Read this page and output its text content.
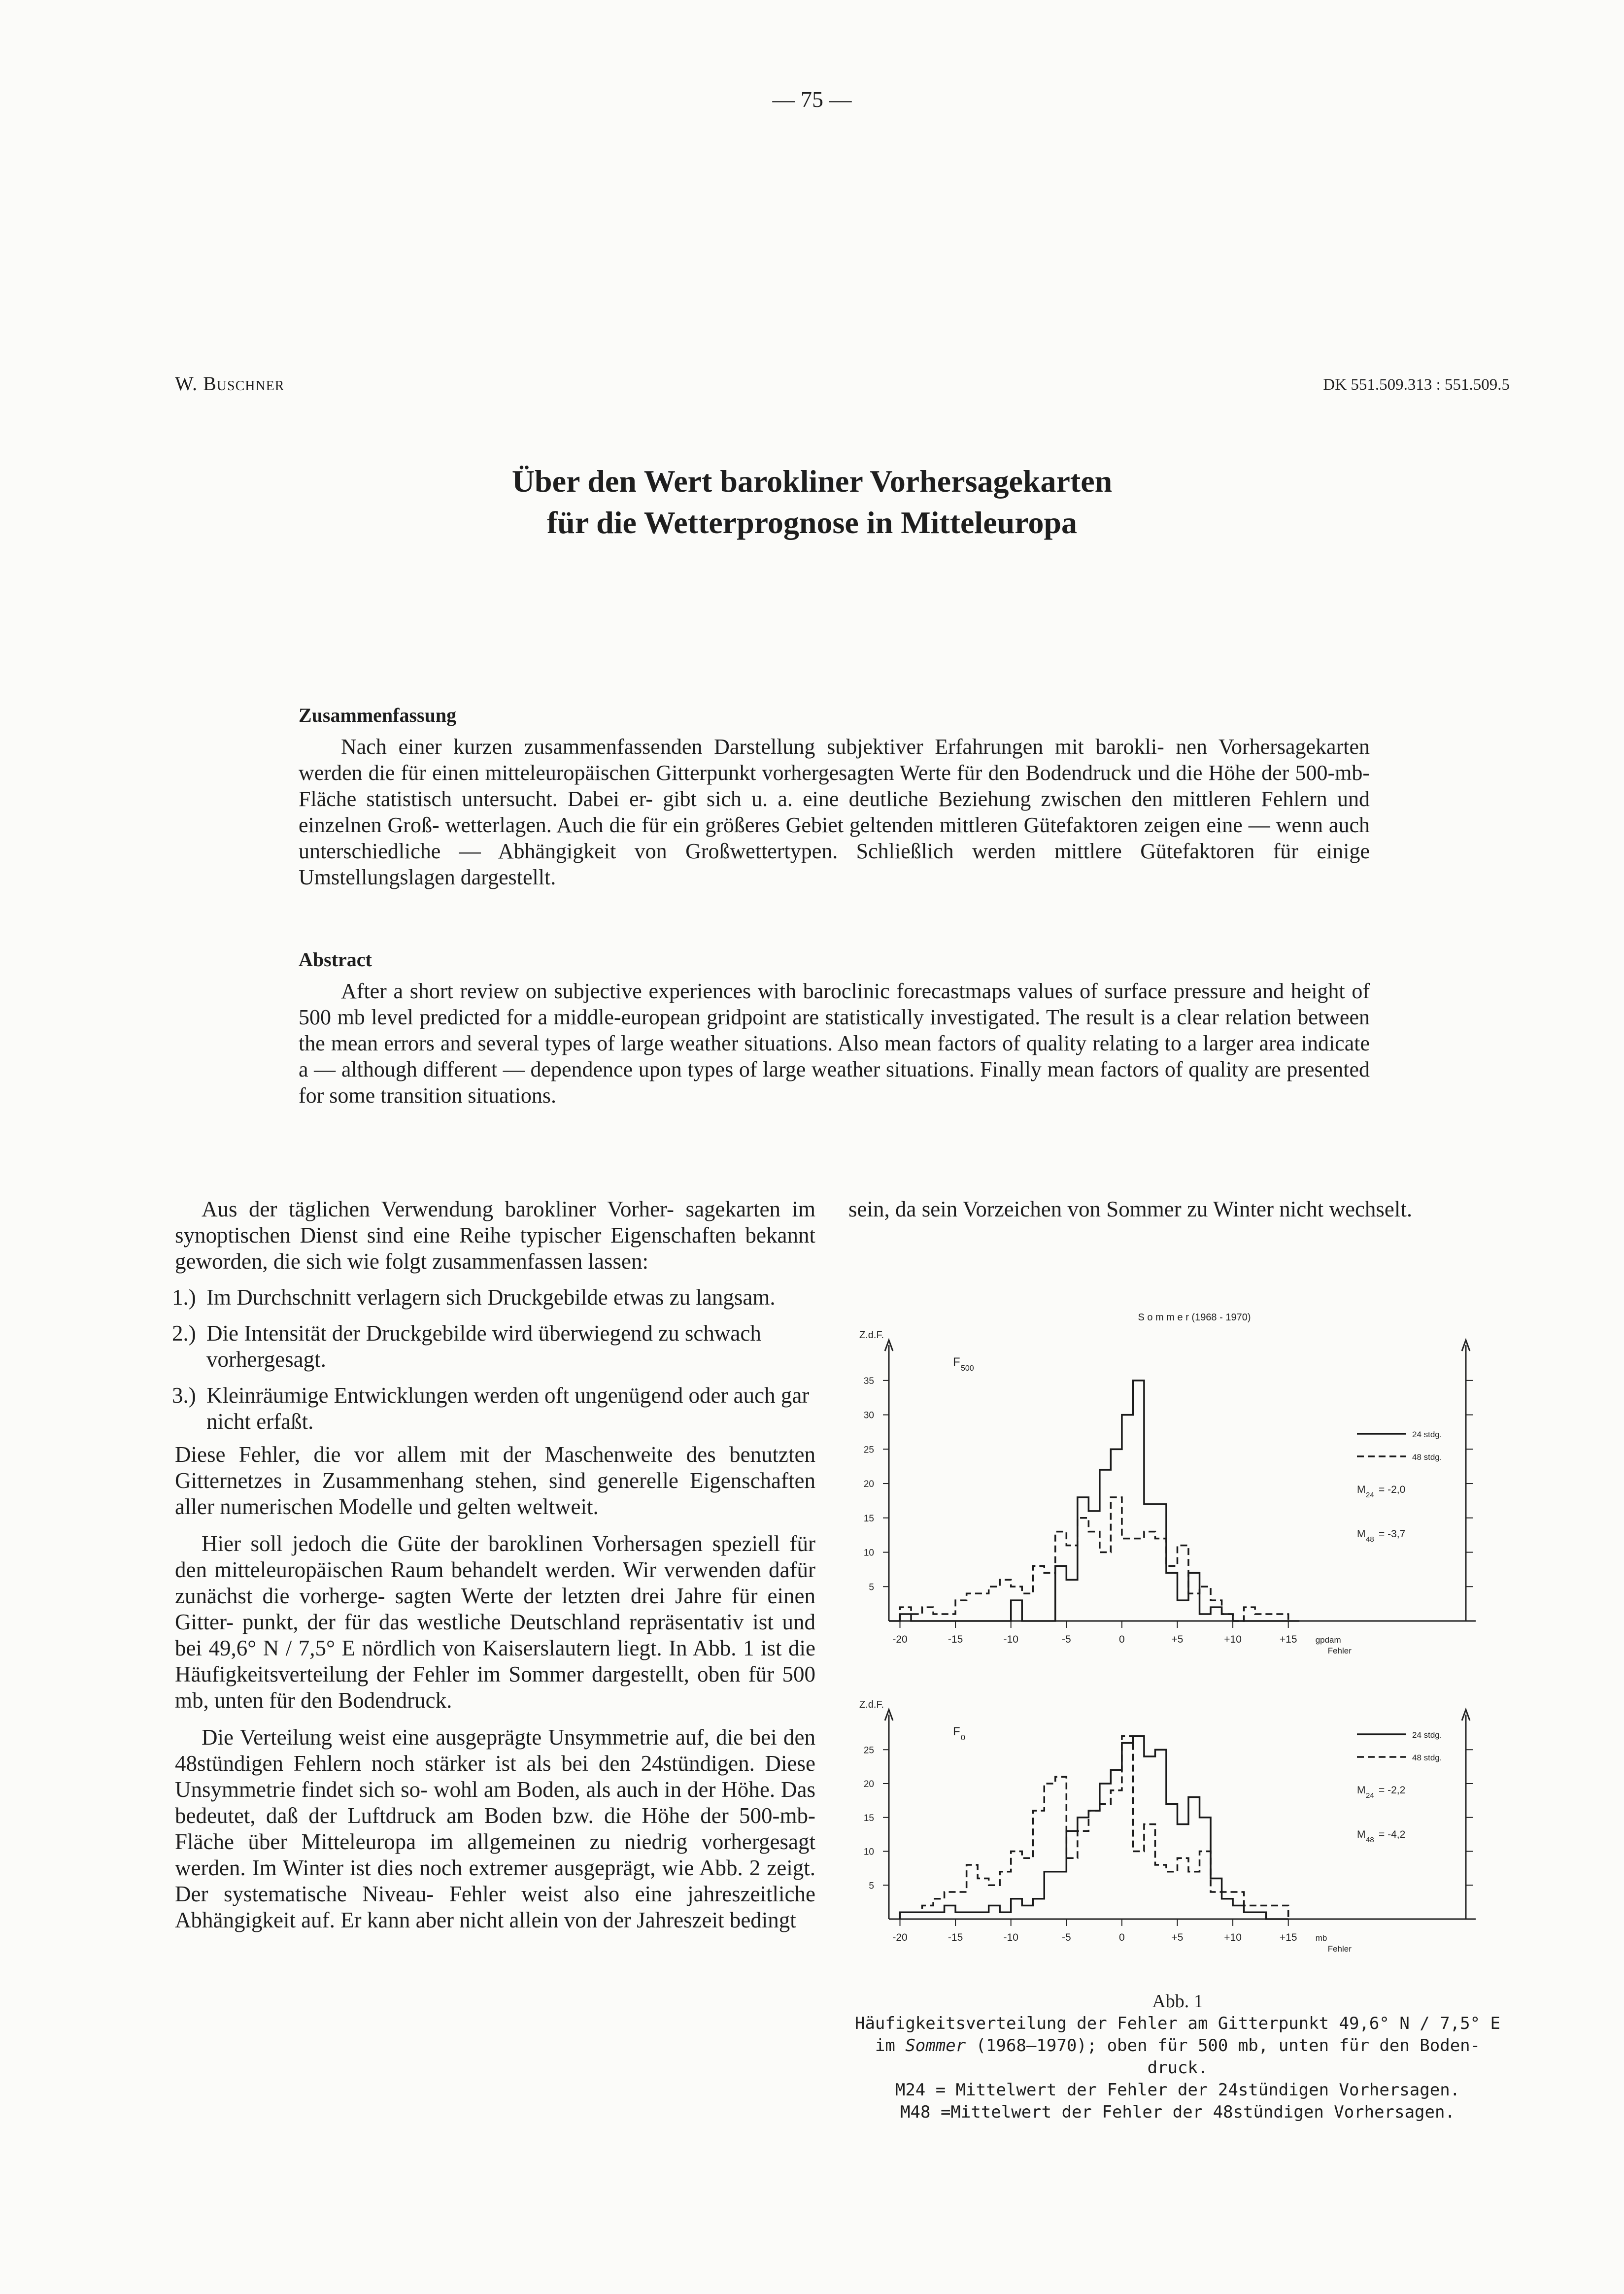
— 75 —
W. Buschner	DK 551.509.313 : 551.509.5
Über den Wert barokliner Vorhersagekarten
für die Wetterprognose in Mitteleuropa
Zusammenfassung
Nach einer kurzen zusammenfassenden Darstellung subjektiver Erfahrungen mit barokli- nen Vorhersagekarten werden die für einen mitteleuropäischen Gitterpunkt vorhergesagten Werte für den Bodendruck und die Höhe der 500-mb-Fläche statistisch untersucht. Dabei er- gibt sich u. a. eine deutliche Beziehung zwischen den mittleren Fehlern und einzelnen Groß- wetterlagen. Auch die für ein größeres Gebiet geltenden mittleren Gütefaktoren zeigen eine — wenn auch unterschiedliche — Abhängigkeit von Großwettertypen. Schließlich werden mittlere Gütefaktoren für einige Umstellungslagen dargestellt.
Abstract
After a short review on subjective experiences with baroclinic forecastmaps values of surface pressure and height of 500 mb level predicted for a middle-european gridpoint are statistically investigated. The result is a clear relation between the mean errors and several types of large weather situations. Also mean factors of quality relating to a larger area indicate a — although different — dependence upon types of large weather situations. Finally mean factors of quality are presented for some transition situations.
Aus der täglichen Verwendung barokliner Vorher- sagekarten im synoptischen Dienst sind eine Reihe typischer Eigenschaften bekannt geworden, die sich wie folgt zusammenfassen lassen:
1.) Im Durchschnitt verlagern sich Druckgebilde etwas zu langsam.
2.) Die Intensität der Druckgebilde wird überwiegend zu schwach vorhergesagt.
3.) Kleinräumige Entwicklungen werden oft ungenügend oder auch gar nicht erfaßt.
Diese Fehler, die vor allem mit der Maschenweite des benutzten Gitternetzes in Zusammenhang stehen, sind generelle Eigenschaften aller numerischen Modelle und gelten weltweit.
Hier soll jedoch die Güte der baroklinen Vorhersagen speziell für den mitteleuropäischen Raum behandelt werden. Wir verwenden dafür zunächst die vorherge- sagten Werte der letzten drei Jahre für einen Gitter- punkt, der für das westliche Deutschland repräsentativ ist und bei 49,6° N / 7,5° E nördlich von Kaiserslautern liegt. In Abb. 1 ist die Häufigkeitsverteilung der Fehler im Sommer dargestellt, oben für 500 mb, unten für den Bodendruck.
Die Verteilung weist eine ausgeprägte Unsymmetrie auf, die bei den 48stündigen Fehlern noch stärker ist als bei den 24stündigen. Diese Unsymmetrie findet sich so- wohl am Boden, als auch in der Höhe. Das bedeutet, daß der Luftdruck am Boden bzw. die Höhe der 500-mb- Fläche über Mitteleuropa im allgemeinen zu niedrig vorhergesagt werden. Im Winter ist dies noch extremer ausgeprägt, wie Abb. 2 zeigt. Der systematische Niveau- Fehler weist also eine jahreszeitliche Abhängigkeit auf. Er kann aber nicht allein von der Jahreszeit bedingt
sein, da sein Vorzeichen von Sommer zu Winter nicht wechselt.
5
10
15
20
25
30
35
-20	-15	-10	-5	0	+5	+10	+15 gpdam
Fehler
Z.d.F.
F 500
S o m m e r (1968 - 1970)
24 stdg.
48 stdg.
M 24 = -2,0
M 48 = -3,7
5
10
15
20
25
-20	-15	-10	-5	0	+5	+10	+15 mb
Fehler
Z.d.F.
F 0	24 stdg.
48 stdg.
M 24 = -2,2
M 48 = -4,2
Abb. 1
Häufigkeitsverteilung der Fehler am Gitterpunkt 49,6° N / 7,5° E
im Sommer (1968—1970); oben für 500 mb, unten für den Boden-
druck.
M24 = Mittelwert der Fehler der 24stündigen Vorhersagen.
M48 =Mittelwert der Fehler der 48stündigen Vorhersagen.
